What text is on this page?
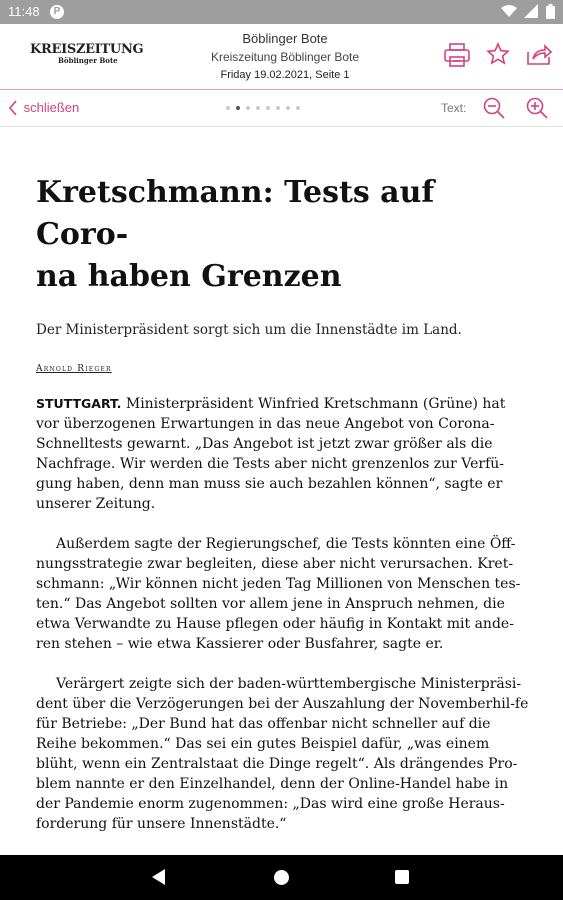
11:48	P

KREISZEITUNG
Böblinger Bote
Böblinger Bote
Kreiszeitung Böblinger Bote
Friday 19.02.2021, Seite 1

schließen	Text:
Kretschmann: Tests auf Coro-
na haben Grenzen

Der Ministerpräsident sorgt sich um die Innenstädte im Land.

Arnold Rieger

STUTTGART. Ministerpräsident Winfried Kretschmann (Grüne) hat vor überzogenen Erwartungen in das neue Angebot von Corona-Schnelltests gewarnt. „Das Angebot ist jetzt zwar größer als die Nachfrage. Wir werden die Tests aber nicht grenzenlos zur Verfü-gung haben, denn man muss sie auch bezahlen können“, sagte er unserer Zeitung.

Außerdem sagte der Regierungschef, die Tests könnten eine Öff-nungsstrategie zwar begleiten, diese aber nicht verursachen. Kret-schmann: „Wir können nicht jeden Tag Millionen von Menschen tes-ten.“ Das Angebot sollten vor allem jene in Anspruch nehmen, die etwa Verwandte zu Hause pflegen oder häufig in Kontakt mit ande-ren stehen – wie etwa Kassierer oder Busfahrer, sagte er.

Verärgert zeigte sich der baden-württembergische Ministerpräsi-dent über die Verzögerungen bei der Auszahlung der Novemberhil-fe für Betriebe: „Der Bund hat das offenbar nicht schneller auf die Reihe bekommen.“ Das sei ein gutes Beispiel dafür, „was einem blüht, wenn ein Zentralstaat die Dinge regelt“. Als drängendes Pro-blem nannte er den Einzelhandel, denn der Online-Handel habe in der Pandemie enorm zugenommen: „Das wird eine große Heraus-forderung für unsere Innenstädte.“
